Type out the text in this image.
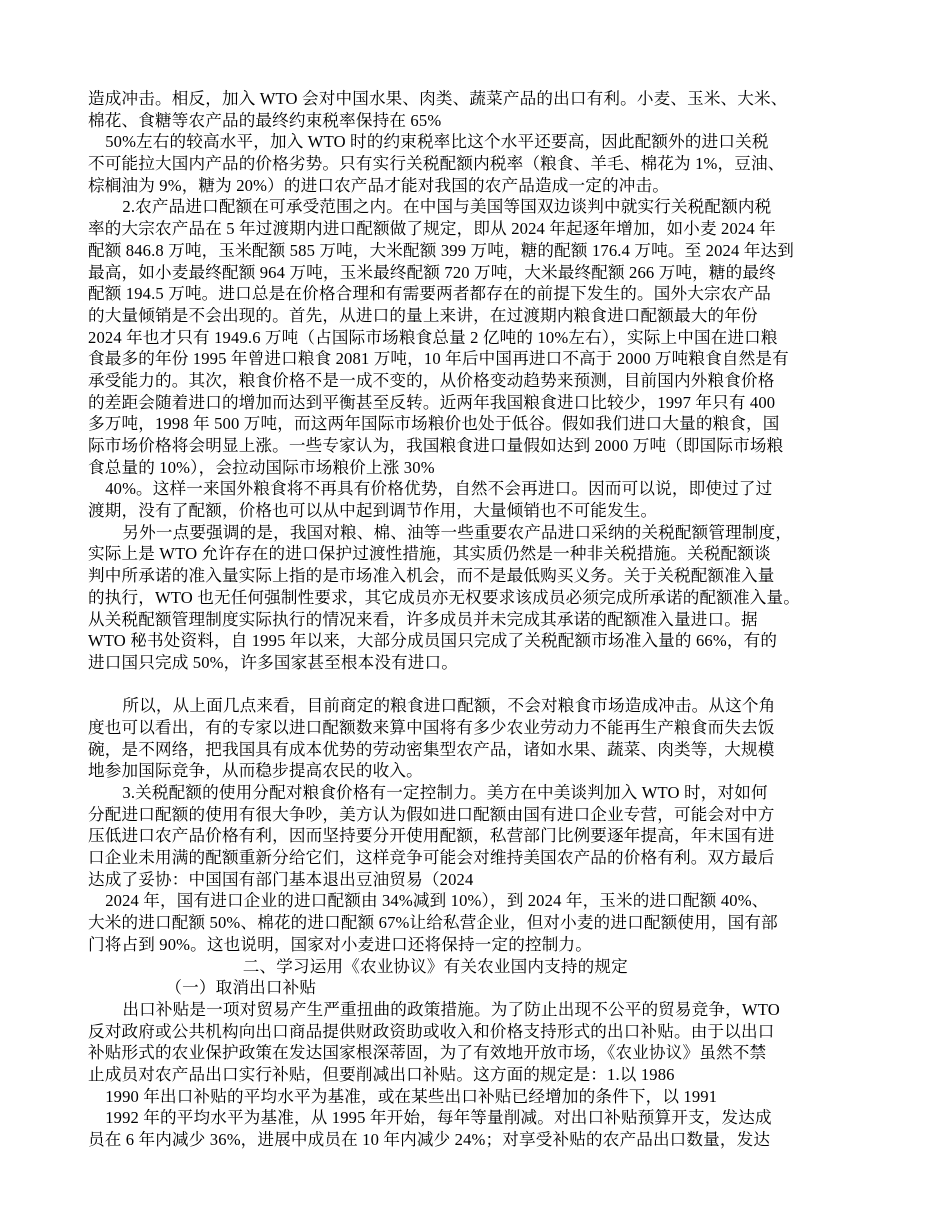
造成冲击。相反，加入 WTO 会对中国水果、肉类、蔬菜产品的出口有利。小麦、玉米、大米、
棉花、食糖等农产品的最终约束税率保持在 65%
50%左右的较高水平，加入 WTO 时的约束税率比这个水平还要高，因此配额外的进口关税
不可能拉大国内产品的价格劣势。只有实行关税配额内税率（粮食、羊毛、棉花为 1%，豆油、
棕榈油为 9%，糖为 20%）的进口农产品才能对我国的农产品造成一定的冲击。
2.农产品进口配额在可承受范围之内。在中国与美国等国双边谈判中就实行关税配额内税
率的大宗农产品在 5 年过渡期内进口配额做了规定，即从 2024 年起逐年增加，如小麦 2024 年
配额 846.8 万吨，玉米配额 585 万吨，大米配额 399 万吨，糖的配额 176.4 万吨。至 2024 年达到
最高，如小麦最终配额 964 万吨，玉米最终配额 720 万吨，大米最终配额 266 万吨，糖的最终
配额 194.5 万吨。进口总是在价格合理和有需要两者都存在的前提下发生的。国外大宗农产品
的大量倾销是不会出现的。首先，从进口的量上来讲，在过渡期内粮食进口配额最大的年份
2024 年也才只有 1949.6 万吨（占国际市场粮食总量 2 亿吨的 10%左右），实际上中国在进口粮
食最多的年份 1995 年曾进口粮食 2081 万吨，10 年后中国再进口不高于 2000 万吨粮食自然是有
承受能力的。其次，粮食价格不是一成不变的，从价格变动趋势来预测，目前国内外粮食价格
的差距会随着进口的增加而达到平衡甚至反转。近两年我国粮食进口比较少，1997 年只有 400
多万吨，1998 年 500 万吨，而这两年国际市场粮价也处于低谷。假如我们进口大量的粮食，国
际市场价格将会明显上涨。一些专家认为，我国粮食进口量假如达到 2000 万吨（即国际市场粮
食总量的 10%），会拉动国际市场粮价上涨 30%
40%。这样一来国外粮食将不再具有价格优势，自然不会再进口。因而可以说，即使过了过
渡期，没有了配额，价格也可以从中起到调节作用，大量倾销也不可能发生。
另外一点要强调的是，我国对粮、棉、油等一些重要农产品进口采纳的关税配额管理制度，
实际上是 WTO 允许存在的进口保护过渡性措施，其实质仍然是一种非关税措施。关税配额谈
判中所承诺的准入量实际上指的是市场准入机会，而不是最低购买义务。关于关税配额准入量
的执行，WTO 也无任何强制性要求，其它成员亦无权要求该成员必须完成所承诺的配额准入量。
从关税配额管理制度实际执行的情况来看，许多成员并未完成其承诺的配额准入量进口。据
WTO 秘书处资料，自 1995 年以来，大部分成员国只完成了关税配额市场准入量的 66%，有的
进口国只完成 50%，许多国家甚至根本没有进口。
所以，从上面几点来看，目前商定的粮食进口配额，不会对粮食市场造成冲击。从这个角
度也可以看出，有的专家以进口配额数来算中国将有多少农业劳动力不能再生产粮食而失去饭
碗，是不网络，把我国具有成本优势的劳动密集型农产品，诸如水果、蔬菜、肉类等，大规模
地参加国际竞争，从而稳步提高农民的收入。
3.关税配额的使用分配对粮食价格有一定控制力。美方在中美谈判加入 WTO 时，对如何
分配进口配额的使用有很大争吵，美方认为假如进口配额由国有进口企业专营，可能会对中方
压低进口农产品价格有利，因而坚持要分开使用配额，私营部门比例要逐年提高，年末国有进
口企业未用满的配额重新分给它们，这样竞争可能会对维持美国农产品的价格有利。双方最后
达成了妥协：中国国有部门基本退出豆油贸易（2024
2024 年，国有进口企业的进口配额由 34%减到 10%），到 2024 年，玉米的进口配额 40%、
大米的进口配额 50%、棉花的进口配额 67%让给私营企业，但对小麦的进口配额使用，国有部
门将占到 90%。这也说明，国家对小麦进口还将保持一定的控制力。
二、学习运用《农业协议》有关农业国内支持的规定
（一）取消出口补贴
出口补贴是一项对贸易产生严重扭曲的政策措施。为了防止出现不公平的贸易竞争，WTO
反对政府或公共机构向出口商品提供财政资助或收入和价格支持形式的出口补贴。由于以出口
补贴形式的农业保护政策在发达国家根深蒂固，为了有效地开放市场，《农业协议》虽然不禁
止成员对农产品出口实行补贴，但要削减出口补贴。这方面的规定是：1.以 1986
1990 年出口补贴的平均水平为基准，或在某些出口补贴已经增加的条件下，以 1991
1992 年的平均水平为基准，从 1995 年开始，每年等量削减。对出口补贴预算开支，发达成
员在 6 年内减少 36%，进展中成员在 10 年内减少 24%；对享受补贴的农产品出口数量，发达
